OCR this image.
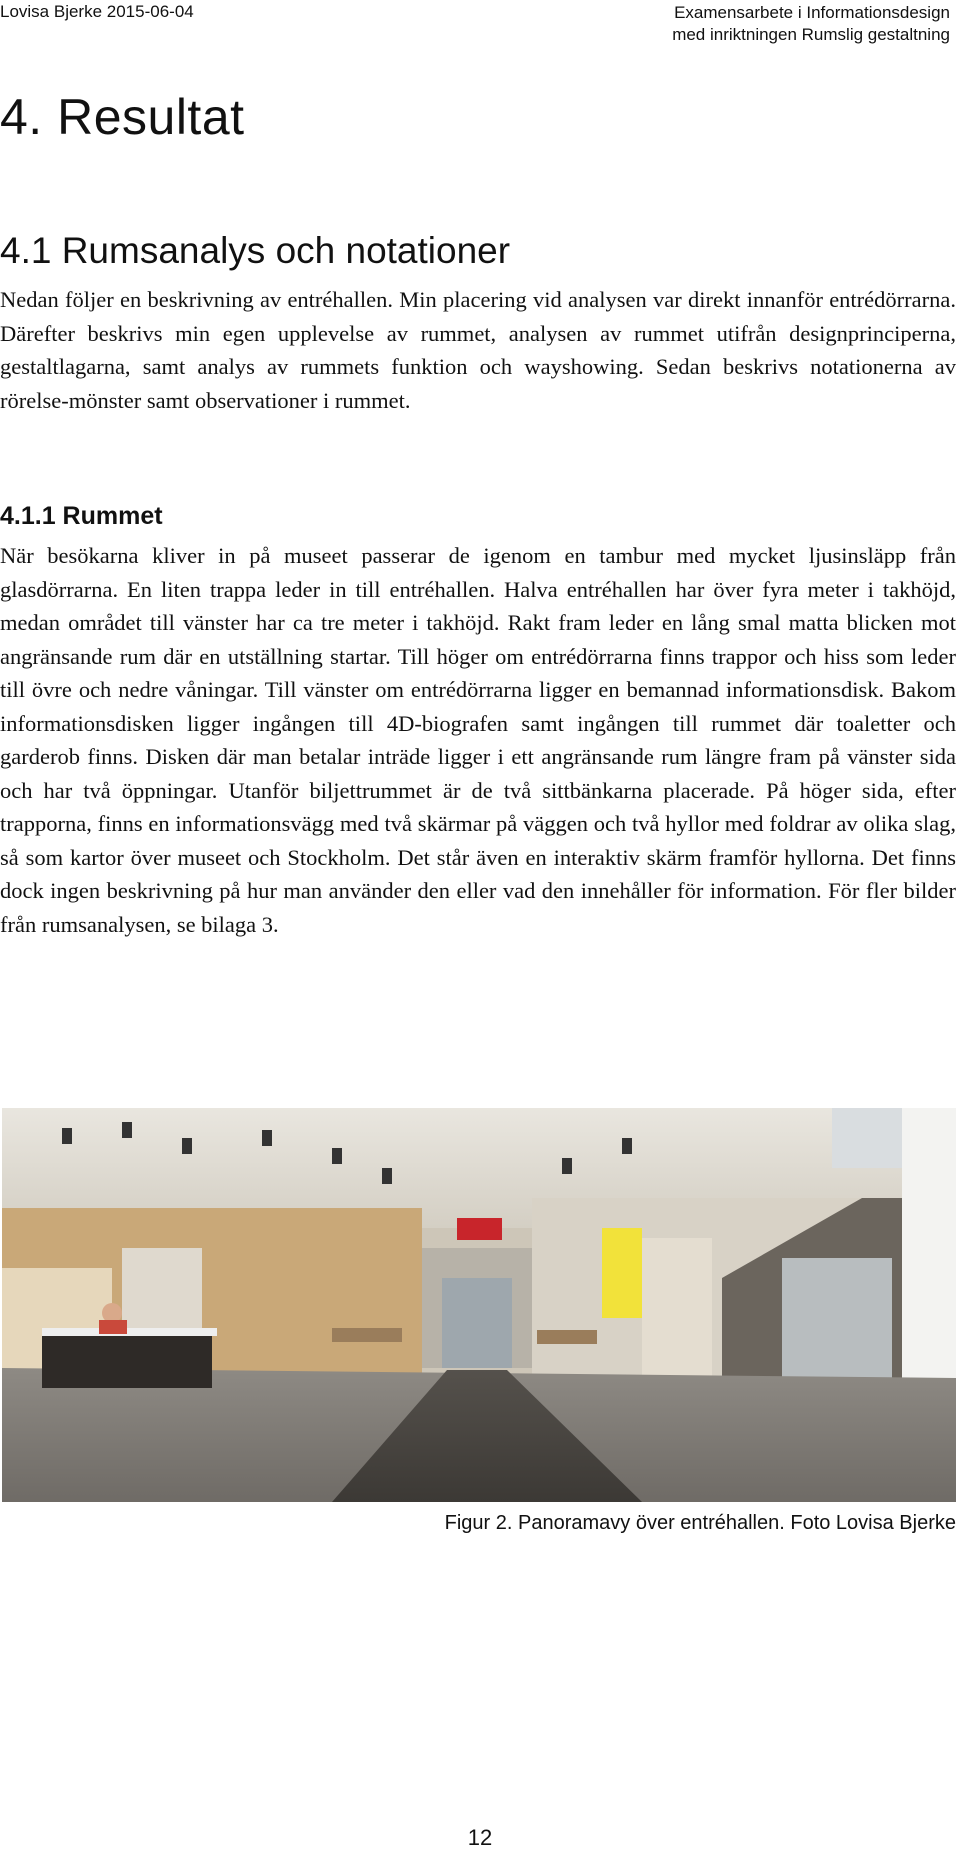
Lovisa Bjerke 2015-06-04	Examensarbete i Informationsdesign
med inriktningen Rumslig gestaltning
4. Resultat
4.1 Rumsanalys och notationer

Nedan följer en beskrivning av entréhallen. Min placering vid analysen var direkt innanför entrédörrarna. Därefter beskrivs min egen upplevelse av rummet, analysen av rummet utifrån designprinciperna, gestaltlagarna, samt analys av rummets funktion och wayshowing. Sedan beskrivs notationerna av rörelse-mönster samt observationer i rummet.

4.1.1 Rummet

När besökarna kliver in på museet passerar de igenom en tambur med mycket ljusinsläpp från glasdörrarna. En liten trappa leder in till entréhallen. Halva entréhallen har över fyra meter i takhöjd, medan området till vänster har ca tre meter i takhöjd. Rakt fram leder en lång smal matta blicken mot angränsande rum där en utställning startar. Till höger om entrédörrarna finns trappor och hiss som leder till övre och nedre våningar. Till vänster om entrédörrarna ligger en bemannad informationsdisk. Bakom informationsdisken ligger ingången till 4D-biografen samt ingången till rummet där toaletter och garderob finns. Disken där man betalar inträde ligger i ett angränsande rum längre fram på vänster sida och har två öppningar. Utanför biljettrummet är de två sittbänkarna placerade. På höger sida, efter trapporna, finns en informationsvägg med två skärmar på väggen och två hyllor med foldrar av olika slag, så som kartor över museet och Stockholm. Det står även en interaktiv skärm framför hyllorna. Det finns dock ingen beskrivning på hur man använder den eller vad den innehåller för information. För fler bilder från rumsanalysen, se bilaga 3.

Figur 2. Panoramavy över entréhallen. Foto Lovisa Bjerke
12
